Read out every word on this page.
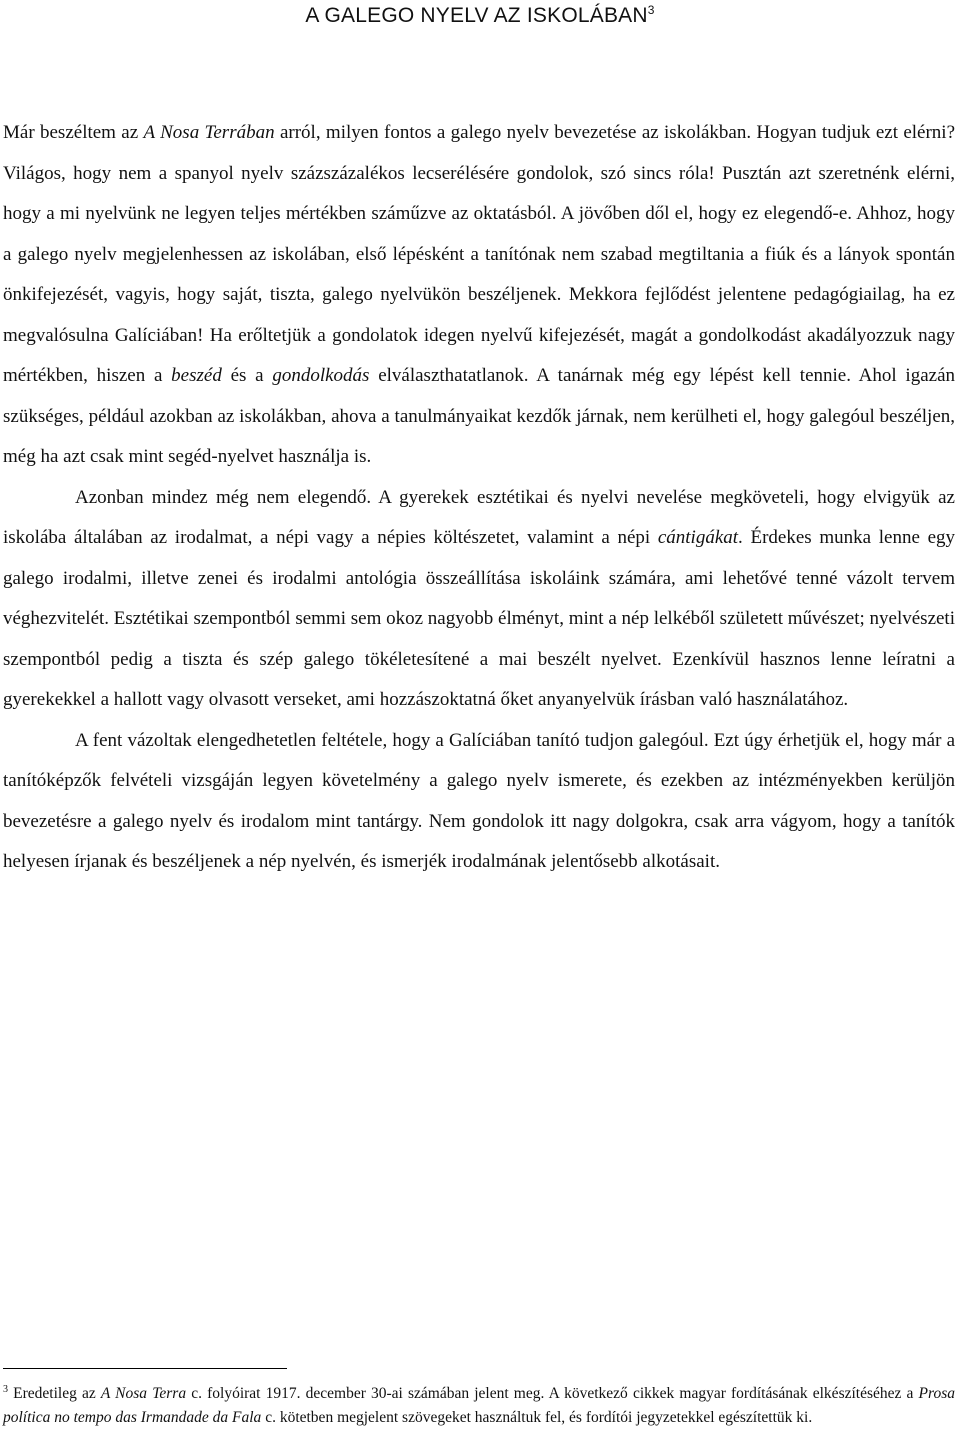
A GALEGO NYELV AZ ISKOLÁBAN$^3$

Már beszéltem az A Nosa Terrában arról, milyen fontos a galego nyelv bevezetése az iskolákban. Hogyan tudjuk ezt elérni? Világos, hogy nem a spanyol nyelv százszázalékos lecserélésére gondolok, szó sincs róla! Pusztán azt szeretnénk elérni, hogy a mi nyelvünk ne legyen teljes mértékben száműzve az oktatásból. A jövőben dől el, hogy ez elegendő-e. Ahhoz, hogy a galego nyelv megjelenhessen az iskolában, első lépésként a tanítónak nem szabad megtiltania a fiúk és a lányok spontán önkifejezését, vagyis, hogy saját, tiszta, galego nyelvükön beszéljenek. Mekkora fejlődést jelentene pedagógiailag, ha ez megvalósulna Galíciában! Ha erőltetjük a gondolatok idegen nyelvű kifejezését, magát a gondolkodást akadályozzuk nagy mértékben, hiszen a beszéd és a gondolkodás elválaszthatatlanok. A tanárnak még egy lépést kell tennie. Ahol igazán szükséges, például azokban az iskolákban, ahova a tanulmányaikat kezdők járnak, nem kerülheti el, hogy galegóul beszéljen, még ha azt csak mint segéd-nyelvet használja is.

Azonban mindez még nem elegendő. A gyerekek esztétikai és nyelvi nevelése megköveteli, hogy elvigyük az iskolába általában az irodalmat, a népi vagy a népies költészetet, valamint a népi cántigákat. Érdekes munka lenne egy galego irodalmi, illetve zenei és irodalmi antológia összeállítása iskoláink számára, ami lehetővé tenné vázolt tervem véghezvitelét. Esztétikai szempontból semmi sem okoz nagyobb élményt, mint a nép lelkéből született művészet; nyelvészeti szempontból pedig a tiszta és szép galego tökéletesítené a mai beszélt nyelvet. Ezenkívül hasznos lenne leíratni a gyerekekkel a hallott vagy olvasott verseket, ami hozzászoktatná őket anyanyelvük írásban való használatához.

A fent vázoltak elengedhetetlen feltétele, hogy a Galíciában tanító tudjon galegóul. Ezt úgy érhetjük el, hogy már a tanítóképzők felvételi vizsgáján legyen követelmény a galego nyelv ismerete, és ezekben az intézményekben kerüljön bevezetésre a galego nyelv és irodalom mint tantárgy. Nem gondolok itt nagy dolgokra, csak arra vágyom, hogy a tanítók helyesen írjanak és beszéljenek a nép nyelvén, és ismerjék irodalmának jelentősebb alkotásait.

$^3$ Eredetileg az A Nosa Terra c. folyóirat 1917. december 30-ai számában jelent meg. A következő cikkek magyar fordításának elkészítéséhez a Prosa política no tempo das Irmandade da Fala c. kötetben megjelent szövegeket használtuk fel, és fordítói jegyzetekkel egészítettük ki.
